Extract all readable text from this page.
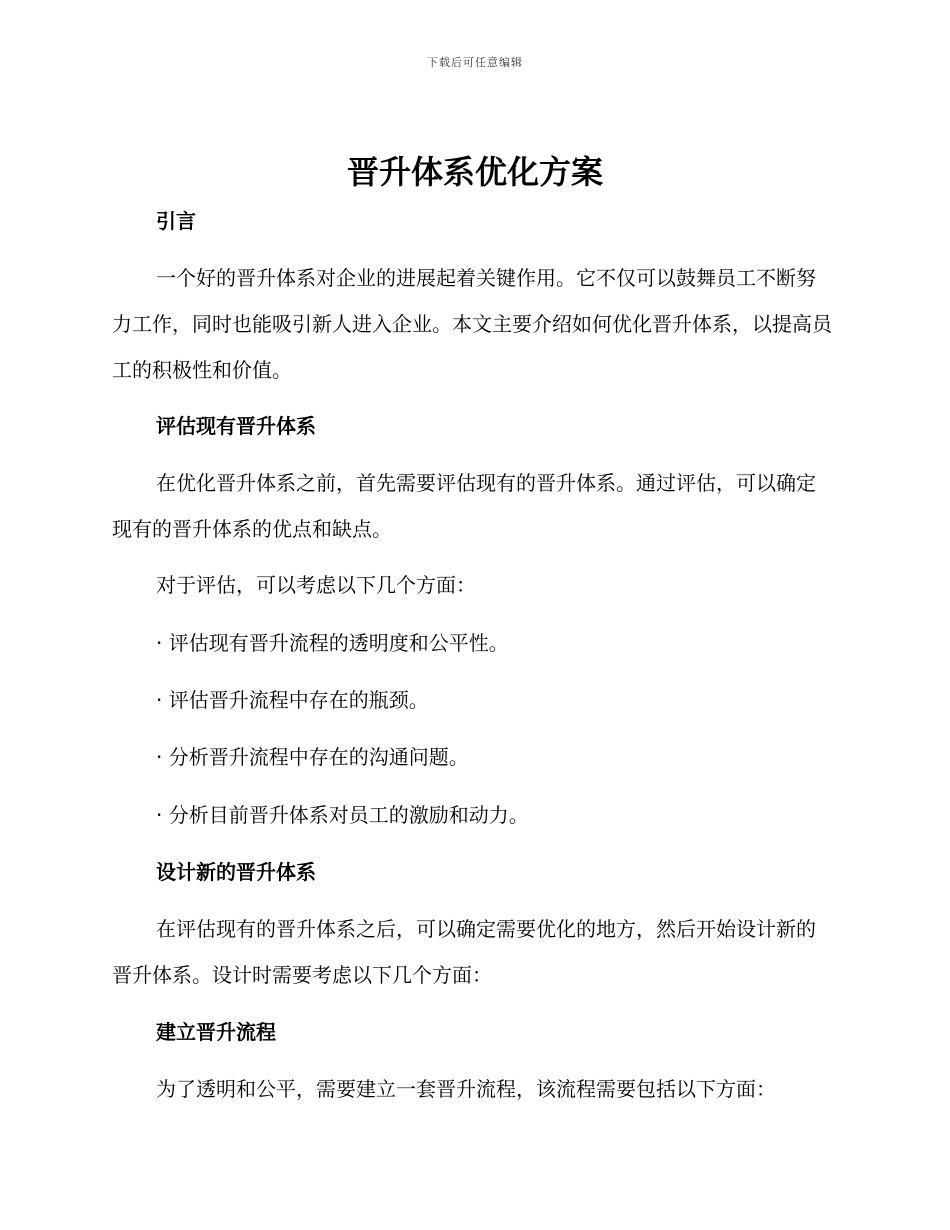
下载后可任意编辑
晋升体系优化方案

引言

一个好的晋升体系对企业的进展起着关键作用。它不仅可以鼓舞员工不断努力工作，同时也能吸引新人进入企业。本文主要介绍如何优化晋升体系，以提高员工的积极性和价值。

评估现有晋升体系

在优化晋升体系之前，首先需要评估现有的晋升体系。通过评估，可以确定现有的晋升体系的优点和缺点。

对于评估，可以考虑以下几个方面：

· 评估现有晋升流程的透明度和公平性。

· 评估晋升流程中存在的瓶颈。

· 分析晋升流程中存在的沟通问题。

· 分析目前晋升体系对员工的激励和动力。

设计新的晋升体系

在评估现有的晋升体系之后，可以确定需要优化的地方，然后开始设计新的晋升体系。设计时需要考虑以下几个方面：

建立晋升流程

为了透明和公平，需要建立一套晋升流程，该流程需要包括以下方面：
